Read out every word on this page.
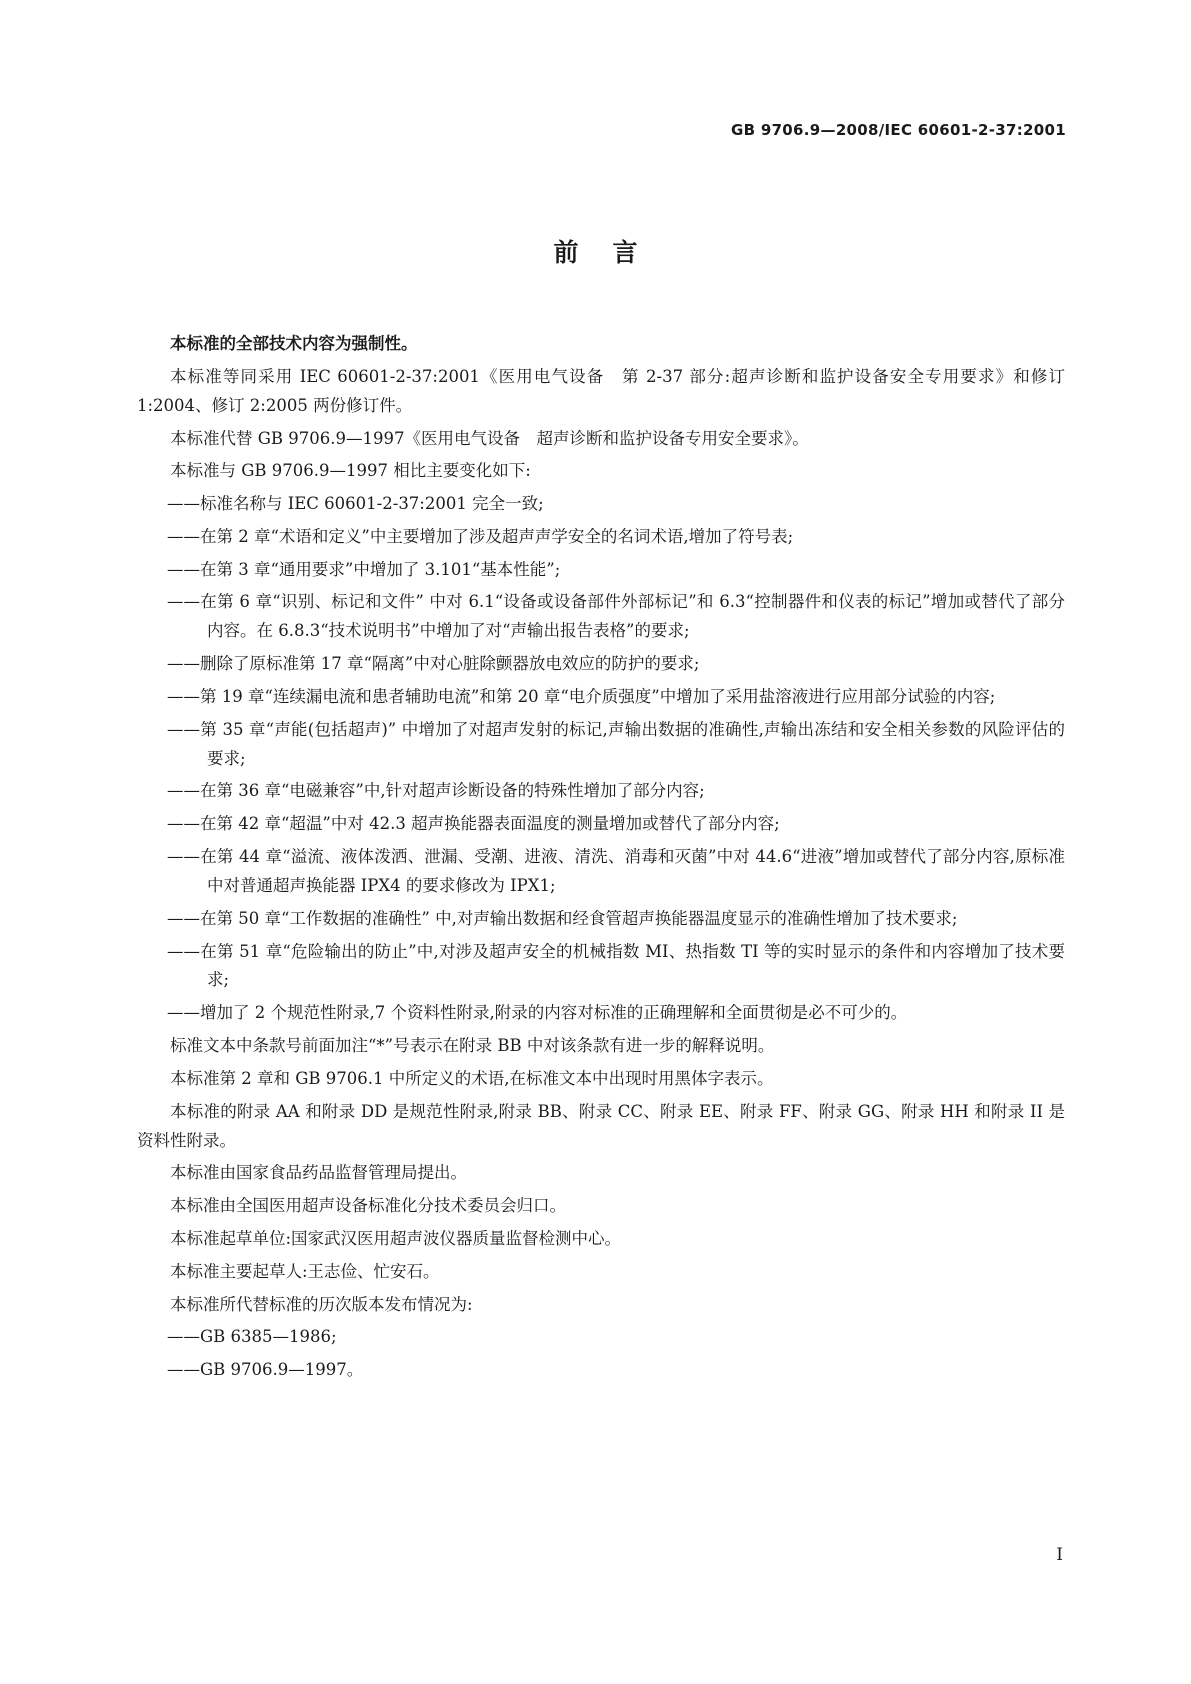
GB 9706.9—2008/IEC 60601-2-37:2001
前言

本标准的全部技术内容为强制性。

本标准等同采用 IEC 60601-2-37:2001《医用电气设备　第 2-37 部分:超声诊断和监护设备安全专用要求》和修订 1:2004、修订 2:2005 两份修订件。

本标准代替 GB 9706.9—1997《医用电气设备　超声诊断和监护设备专用安全要求》。

本标准与 GB 9706.9—1997 相比主要变化如下:

——标准名称与 IEC 60601-2-37:2001 完全一致;

——在第 2 章“术语和定义”中主要增加了涉及超声声学安全的名词术语,增加了符号表;

——在第 3 章“通用要求”中增加了 3.101“基本性能”;

——在第 6 章“识别、标记和文件” 中对 6.1“设备或设备部件外部标记”和 6.3“控制器件和仪表的标记”增加或替代了部分内容。在 6.8.3“技术说明书”中增加了对“声输出报告表格”的要求;

——删除了原标准第 17 章“隔离”中对心脏除颤器放电效应的防护的要求;

——第 19 章“连续漏电流和患者辅助电流”和第 20 章“电介质强度”中增加了采用盐溶液进行应用部分试验的内容;

——第 35 章“声能(包括超声)” 中增加了对超声发射的标记,声输出数据的准确性,声输出冻结和安全相关参数的风险评估的要求;

——在第 36 章“电磁兼容”中,针对超声诊断设备的特殊性增加了部分内容;

——在第 42 章“超温”中对 42.3 超声换能器表面温度的测量增加或替代了部分内容;

——在第 44 章“溢流、液体泼洒、泄漏、受潮、进液、清洗、消毒和灭菌”中对 44.6“进液”增加或替代了部分内容,原标准中对普通超声换能器 IPX4 的要求修改为 IPX1;

——在第 50 章“工作数据的准确性” 中,对声输出数据和经食管超声换能器温度显示的准确性增加了技术要求;

——在第 51 章“危险输出的防止”中,对涉及超声安全的机械指数 MI、热指数 TI 等的实时显示的条件和内容增加了技术要求;

——增加了 2 个规范性附录,7 个资料性附录,附录的内容对标准的正确理解和全面贯彻是必不可少的。

标准文本中条款号前面加注“*”号表示在附录 BB 中对该条款有进一步的解释说明。

本标准第 2 章和 GB 9706.1 中所定义的术语,在标准文本中出现时用黑体字表示。

本标准的附录 AA 和附录 DD 是规范性附录,附录 BB、附录 CC、附录 EE、附录 FF、附录 GG、附录 HH 和附录 II 是资料性附录。

本标准由国家食品药品监督管理局提出。

本标准由全国医用超声设备标准化分技术委员会归口。

本标准起草单位:国家武汉医用超声波仪器质量监督检测中心。

本标准主要起草人:王志俭、忙安石。

本标准所代替标准的历次版本发布情况为:

——GB 6385—1986;

——GB 9706.9—1997。

I
